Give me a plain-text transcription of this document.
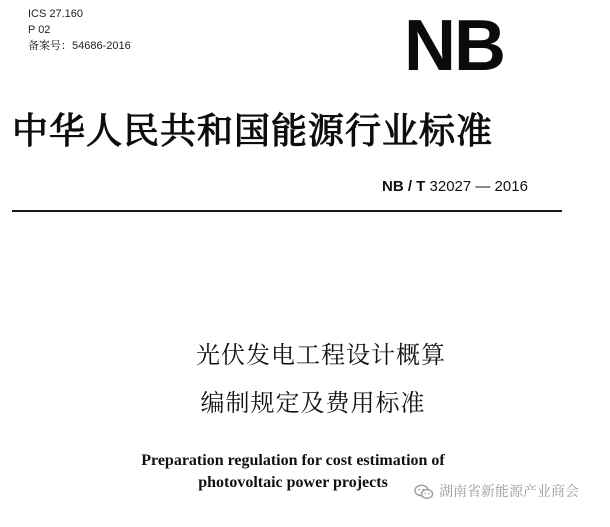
ICS 27.160
P 02
备案号：54686-2016	NB
中华人民共和国能源行业标准
NB / T 32027 — 2016
光伏发电工程设计概算
编制规定及费用标准
Preparation regulation for cost estimation of
photovoltaic power projects
湖南省新能源产业商会
